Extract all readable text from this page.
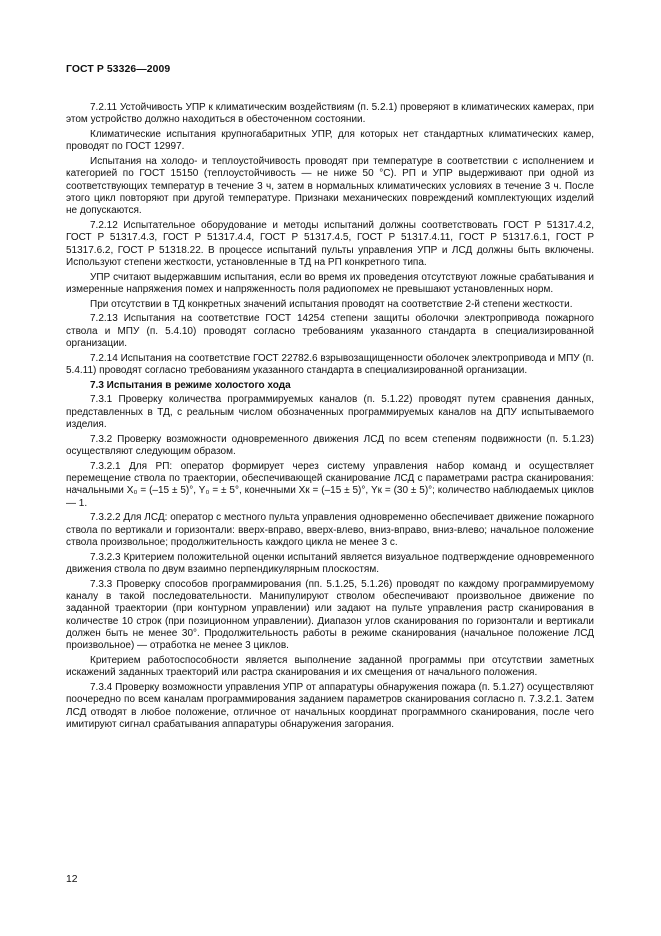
ГОСТ Р 53326—2009

7.2.11 Устойчивость УПР к климатическим воздействиям (п. 5.2.1) проверяют в климатических камерах, при этом устройство должно находиться в обесточенном состоянии.

Климатические испытания крупногабаритных УПР, для которых нет стандартных климатических камер, проводят по ГОСТ 12997.

Испытания на холодо- и теплоустойчивость проводят при температуре в соответствии с исполнением и категорией по ГОСТ 15150 (теплоустойчивость — не ниже 50 °С). РП и УПР выдерживают при одной из соответствующих температур в течение 3 ч, затем в нормальных климатических условиях в течение 3 ч. После этого цикл повторяют при другой температуре. Признаки механических повреждений комплектующих изделий не допускаются.

7.2.12 Испытательное оборудование и методы испытаний должны соответствовать ГОСТ Р 51317.4.2, ГОСТ Р 51317.4.3, ГОСТ Р 51317.4.4, ГОСТ Р 51317.4.5, ГОСТ Р 51317.4.11, ГОСТ Р 51317.6.1, ГОСТ Р 51317.6.2, ГОСТ Р 51318.22. В процессе испытаний пульты управления УПР и ЛСД должны быть включены. Используют степени жесткости, установленные в ТД на РП конкретного типа.

УПР считают выдержавшим испытания, если во время их проведения отсутствуют ложные срабатывания и измеренные напряжения помех и напряженность поля радиопомех не превышают установленных норм.

При отсутствии в ТД конкретных значений испытания проводят на соответствие 2-й степени жесткости.

7.2.13 Испытания на соответствие ГОСТ 14254 степени защиты оболочки электропривода пожарного ствола и МПУ (п. 5.4.10) проводят согласно требованиям указанного стандарта в специализированной организации.

7.2.14 Испытания на соответствие ГОСТ 22782.6 взрывозащищенности оболочек электропривода и МПУ (п. 5.4.11) проводят согласно требованиям указанного стандарта в специализированной организации.

7.3 Испытания в режиме холостого хода

7.3.1 Проверку количества программируемых каналов (п. 5.1.22) проводят путем сравнения данных, представленных в ТД, с реальным числом обозначенных программируемых каналов на ДПУ испытываемого изделия.

7.3.2 Проверку возможности одновременного движения ЛСД по всем степеням подвижности (п. 5.1.23) осуществляют следующим образом.

7.3.2.1 Для РП: оператор формирует через систему управления набор команд и осуществляет перемещение ствола по траектории, обеспечивающей сканирование ЛСД с параметрами растра сканирования: начальными X₀ = (–15 ± 5)°, Y₀ = ± 5°, конечными Xк = (–15 ± 5)°, Yк = (30 ± 5)°; количество наблюдаемых циклов — 1.

7.3.2.2 Для ЛСД: оператор с местного пульта управления одновременно обеспечивает движение пожарного ствола по вертикали и горизонтали: вверх-вправо, вверх-влево, вниз-вправо, вниз-влево; начальное положение ствола произвольное; продолжительность каждого цикла не менее 3 с.

7.3.2.3 Критерием положительной оценки испытаний является визуальное подтверждение одновременного движения ствола по двум взаимно перпендикулярным плоскостям.

7.3.3 Проверку способов программирования (пп. 5.1.25, 5.1.26) проводят по каждому программируемому каналу в такой последовательности. Манипулируют стволом обеспечивают произвольное движение по заданной траектории (при контурном управлении) или задают на пульте управления растр сканирования в количестве 10 строк (при позиционном управлении). Диапазон углов сканирования по горизонтали и вертикали должен быть не менее 30°. Продолжительность работы в режиме сканирования (начальное положение ЛСД произвольное) — отработка не менее 3 циклов.

Критерием работоспособности является выполнение заданной программы при отсутствии заметных искажений заданных траекторий или растра сканирования и их смещения от начального положения.

7.3.4 Проверку возможности управления УПР от аппаратуры обнаружения пожара (п. 5.1.27) осуществляют поочередно по всем каналам программирования заданием параметров сканирования согласно п. 7.3.2.1. Затем ЛСД отводят в любое положение, отличное от начальных координат программного сканирования, после чего имитируют сигнал срабатывания аппаратуры обнаружения загорания.

12
